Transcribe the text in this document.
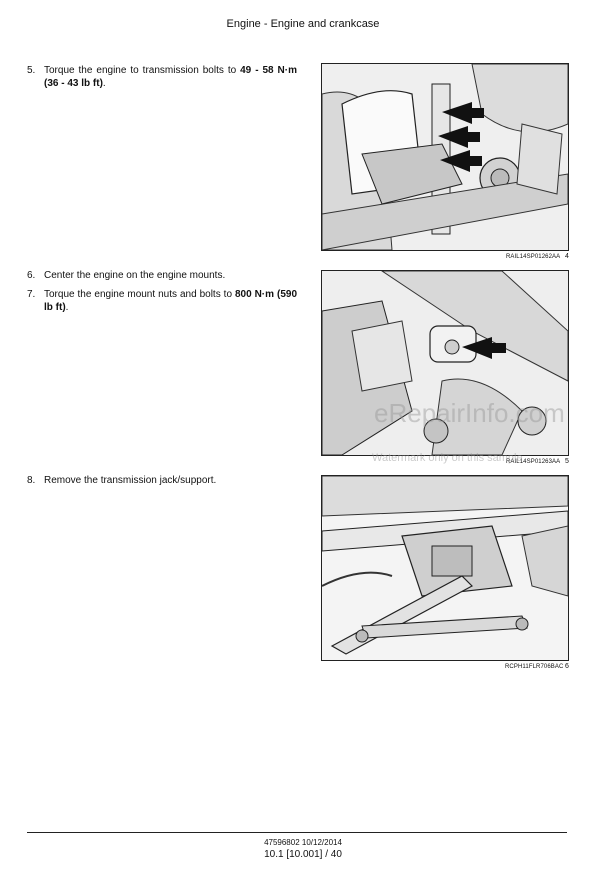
Engine - Engine and crankcase
5. Torque the engine to transmission bolts to 49 - 58 N·m (36 - 43 lb ft).
RAIL14SP01262AA 4
6. Center the engine on the engine mounts.
7. Torque the engine mount nuts and bolts to 800 N·m (590 lb ft).
RAIL14SP01263AA 5
eRepairInfo.com
Watermark only on this sample
8. Remove the transmission jack/support.
RCPH11FLR706BAC 6
47596802 10/12/2014
10.1 [10.001] / 40
